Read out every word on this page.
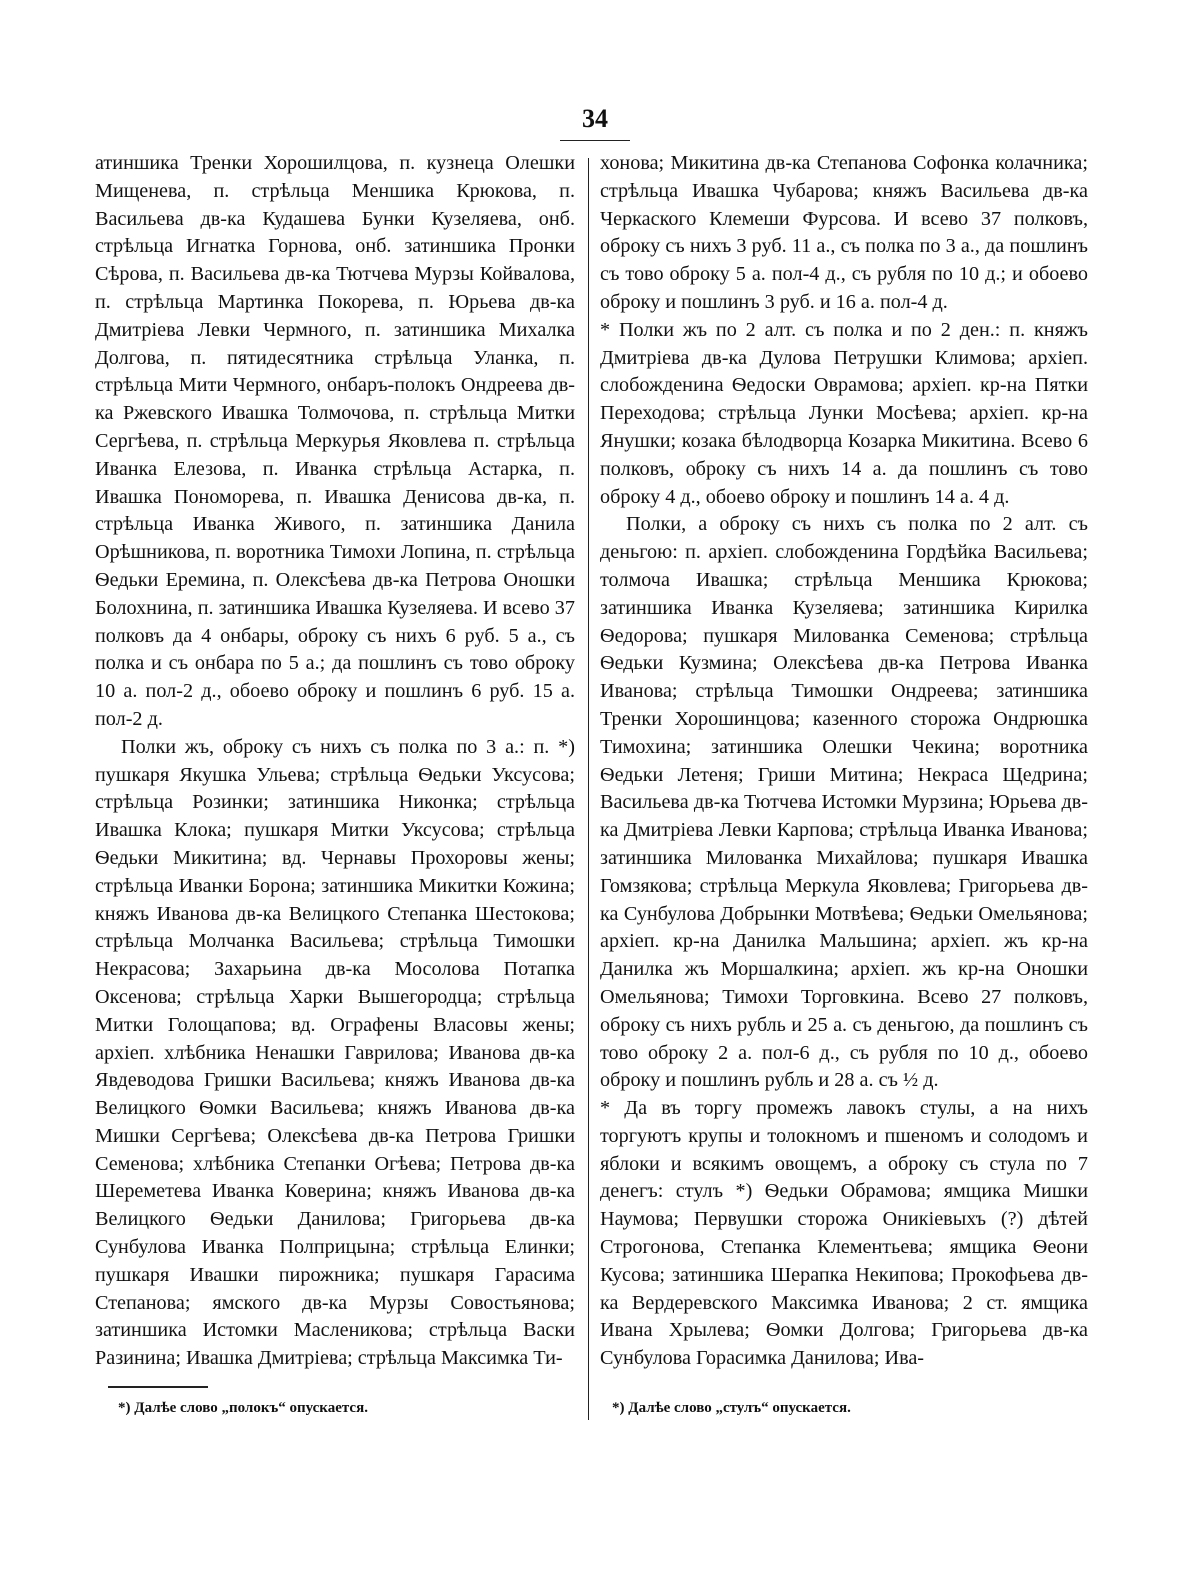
34

атиншика Тренки Хорошилцова, п. кузнеца Олешки Мищенева, п. стрѣльца Меншика Крюкова, п. Васильева дв-ка Кудашева Бунки Кузеляева, онб. стрѣльца Игнатка Горнова, онб. затиншика Пронки Сѣрова, п. Васильева дв-ка Тютчева Мурзы Койвалова, п. стрѣльца Мартинка Покорева, п. Юрьева дв-ка Дмитріева Левки Чермного, п. затиншика Михалка Долгова, п. пятидесятника стрѣльца Уланка, п. стрѣльца Мити Чермного, онбаръ-полокъ Ондреева дв-ка Ржевского Ивашка Толмочова, п. стрѣльца Митки Сергѣева, п. стрѣльца Меркурья Яковлева п. стрѣльца Иванка Елезова, п. Иванка стрѣльца Астарка, п. Ивашка Пономорева, п. Ивашка Денисова дв-ка, п. стрѣльца Иванка Живого, п. затиншика Данила Орѣшникова, п. воротника Тимохи Лопина, п. стрѣльца Ѳедьки Еремина, п. Олексѣева дв-ка Петрова Оношки Болохнина, п. затиншика Ивашка Кузеляева. И всево 37 полковъ да 4 онбары, оброку съ нихъ 6 руб. 5 а., съ полка и съ онбара по 5 а.; да пошлинъ съ тово оброку 10 а. пол-2 д., обоево оброку и пошлинъ 6 руб. 15 а. пол-2 д.

Полки жъ, оброку съ нихъ съ полка по 3 а.: п. *) пушкаря Якушка Ульева; стрѣльца Ѳедьки Уксусова; стрѣльца Розинки; затиншика Никонка; стрѣльца Ивашка Клока; пушкаря Митки Уксусова; стрѣльца Ѳедьки Микитина; вд. Чернавы Прохоровы жены; стрѣльца Иванки Борона; затиншика Микитки Кожина; княжъ Иванова дв-ка Велицкого Степанка Шестокова; стрѣльца Молчанка Васильева; стрѣльца Тимошки Некрасова; Захарьина дв-ка Мосолова Потапка Оксенова; стрѣльца Харки Вышегородца; стрѣльца Митки Голощапова; вд. Ографены Власовы жены; архіеп. хлѣбника Ненашки Гаврилова; Иванова дв-ка Явдеводова Гришки Васильева; княжъ Иванова дв-ка Велицкого Ѳомки Васильева; княжъ Иванова дв-ка Мишки Сергѣева; Олексѣева дв-ка Петрова Гришки Семенова; хлѣбника Степанки Огѣева; Петрова дв-ка Шереметева Иванка Коверина; княжъ Иванова дв-ка Велицкого Ѳедьки Данилова; Григорьева дв-ка Сунбулова Иванка Полприцына; стрѣльца Елинки; пушкаря Ивашки пирожника; пушкаря Гарасима Степанова; ямского дв-ка Мурзы Совостьянова; затиншика Истомки Масленикова; стрѣльца Васки Разинина; Ивашка Дмитріева; стрѣльца Максимка Ти-

хонова; Микитина дв-ка Степанова Софонка колачника; стрѣльца Ивашка Чубарова; княжъ Васильева дв-ка Черкаского Клемеши Фурсова. И всево 37 полковъ, оброку съ нихъ 3 руб. 11 а., съ полка по 3 а., да пошлинъ съ тово оброку 5 а. пол-4 д., съ рубля по 10 д.; и обоево оброку и пошлинъ 3 руб. и 16 а. пол-4 д.

* Полки жъ по 2 алт. съ полка и по 2 ден.: п. княжъ Дмитріева дв-ка Дулова Петрушки Климова; архіеп. слобожденина Ѳедоски Оврамова; архіеп. кр-на Пятки Переходова; стрѣльца Лунки Мосѣева; архіеп. кр-на Янушки; козака бѣлодворца Козарка Микитина. Всево 6 полковъ, оброку съ нихъ 14 а. да пошлинъ съ тово оброку 4 д., обоево оброку и пошлинъ 14 а. 4 д.

Полки, а оброку съ нихъ съ полка по 2 алт. съ деньгою: п. архіеп. слобожденина Гордѣйка Васильева; толмоча Ивашка; стрѣльца Меншика Крюкова; затиншика Иванка Кузеляева; затиншика Кирилка Ѳедорова; пушкаря Милованка Семенова; стрѣльца Ѳедьки Кузмина; Олексѣева дв-ка Петрова Иванка Иванова; стрѣльца Тимошки Ондреева; затиншика Тренки Хорошинцова; казенного сторожа Ондрюшка Тимохина; затиншика Олешки Чекина; воротника Ѳедьки Летеня; Гриши Митина; Некраса Щедрина; Васильева дв-ка Тютчева Истомки Мурзина; Юрьева дв-ка Дмитріева Левки Карпова; стрѣльца Иванка Иванова; затиншика Милованка Михайлова; пушкаря Ивашка Гомзякова; стрѣльца Меркула Яковлева; Григорьева дв-ка Сунбулова Добрынки Мотвѣева; Ѳедьки Омельянова; архіеп. кр-на Данилка Мальшина; архіеп. жъ кр-на Данилка жъ Моршалкина; архіеп. жъ кр-на Оношки Омельянова; Тимохи Торговкина. Всево 27 полковъ, оброку съ нихъ рубль и 25 а. съ деньгою, да пошлинъ съ тово оброку 2 а. пол-6 д., съ рубля по 10 д., обоево оброку и пошлинъ рубль и 28 а. съ ½ д.

* Да въ торгу промежъ лавокъ стулы, а на нихъ торгуютъ крупы и толокномъ и пшеномъ и солодомъ и яблоки и всякимъ овощемъ, а оброку съ стула по 7 денегъ: стулъ *) Ѳедьки Обрамова; ямщика Мишки Наумова; Первушки сторожа Оникіевыхъ (?) дѣтей Строгонова, Степанка Клементьева; ямщика Ѳеони Кусова; затиншика Шерапка Некипова; Прокофьева дв-ка Вердеревского Максимка Иванова; 2 ст. ямщика Ивана Хрылева; Ѳомки Долгова; Григорьева дв-ка Сунбулова Горасимка Данилова; Ива-

*) Далѣе слово „полокъ“ опускается.	*) Далѣе слово „стулъ“ опускается.
